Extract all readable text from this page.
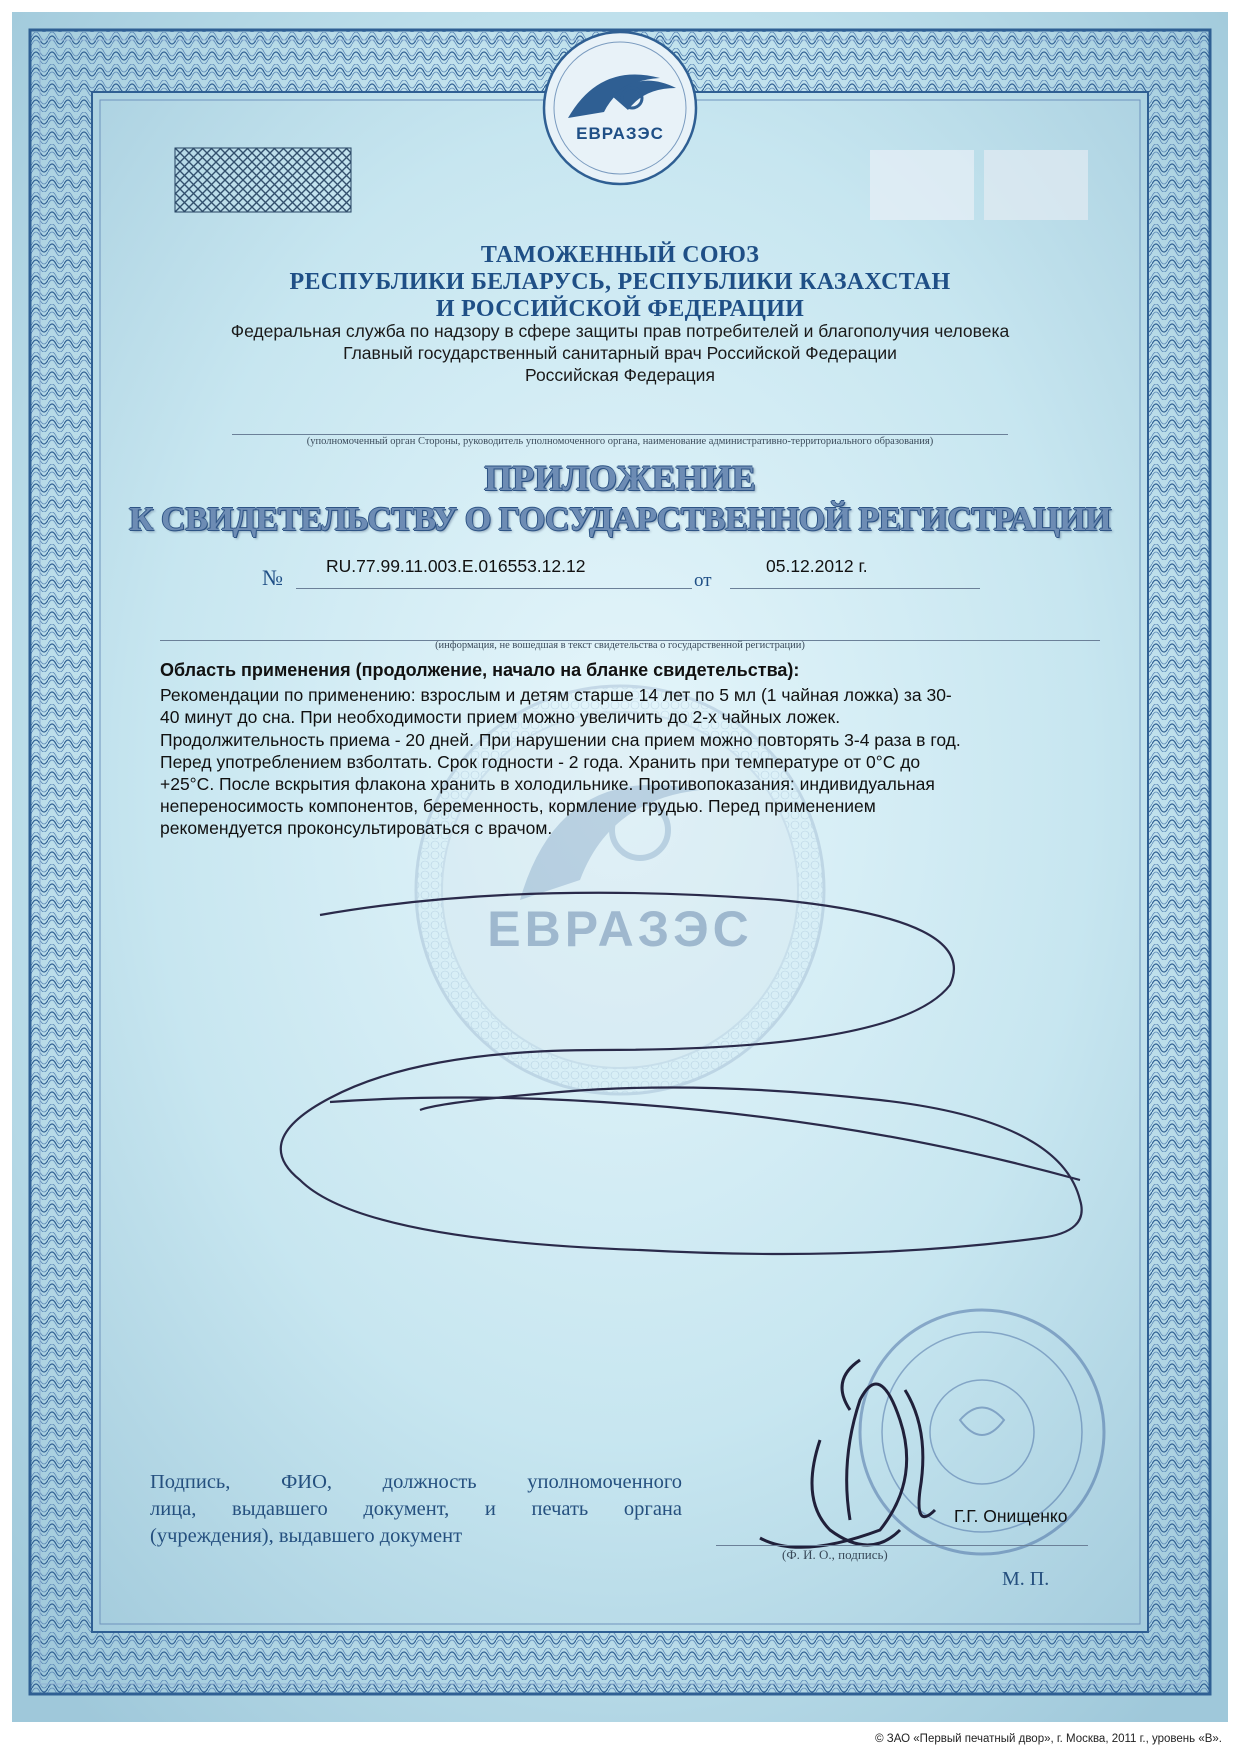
ЕВРАЗЭС
ЕВРАЗЭС
ТАМОЖЕННЫЙ СОЮЗ
РЕСПУБЛИКИ БЕЛАРУСЬ, РЕСПУБЛИКИ КАЗАХСТАН
И РОССИЙСКОЙ ФЕДЕРАЦИИ
Федеральная служба по надзору в сфере защиты прав потребителей и благополучия человека
Главный государственный санитарный врач Российской Федерации
Российская Федерация
(уполномоченный орган Стороны, руководитель уполномоченного органа, наименование административно-территориального образования)
ПРИЛОЖЕНИЕ
К СВИДЕТЕЛЬСТВУ О ГОСУДАРСТВЕННОЙ РЕГИСТРАЦИИ
№ RU.77.99.11.003.E.016553.12.12
от
05.12.2012 г.
(информация, не вошедшая в текст свидетельства о государственной регистрации)
Область применения (продолжение, начало на бланке свидетельства):
Рекомендации по применению: взрослым и детям старше 14 лет по 5 мл (1 чайная ложка) за 30-
40 минут до сна. При необходимости прием можно увеличить до 2-х чайных ложек.
Продолжительность приема - 20 дней. При нарушении сна прием можно повторять 3-4 раза в год.
Перед употреблением взболтать. Срок годности - 2 года. Хранить при температуре от 0°С до
+25°С. После вскрытия флакона хранить в холодильнике. Противопоказания: индивидуальная
непереносимость компонентов, беременность, кормление грудью. Перед применением
рекомендуется проконсультироваться с врачом.
Подпись, ФИО, должность уполномоченного
лица, выдавшего документ, и печать органа
(учреждения), выдавшего документ
Г.Г. Онищенко
(Ф. И. О., подпись)
М. П.
© ЗАО «Первый печатный двор», г. Москва, 2011 г., уровень «В».
